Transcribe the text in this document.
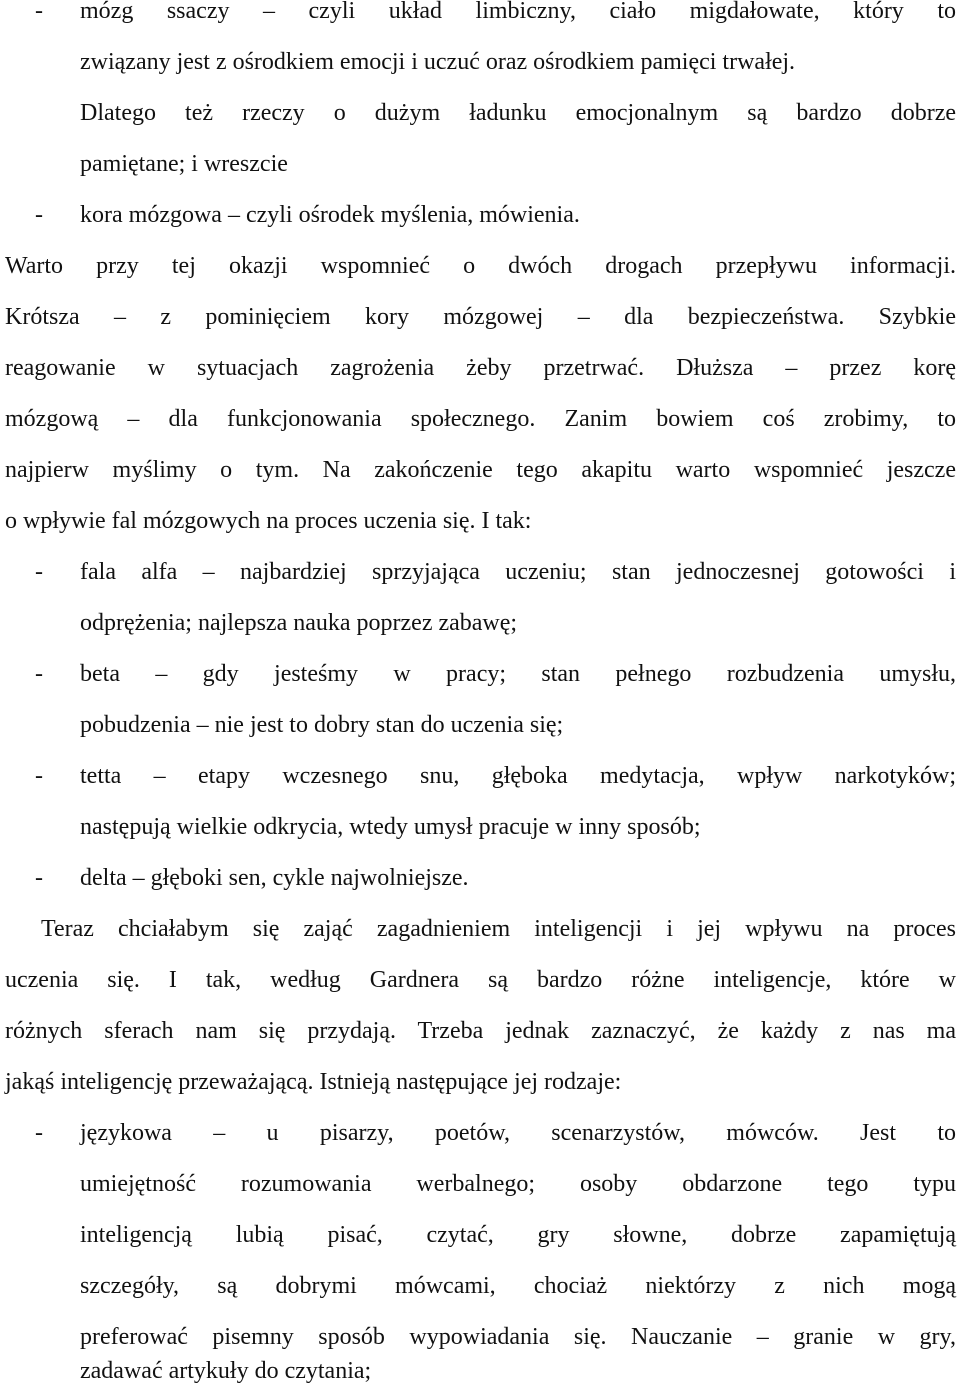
-	mózg ssaczy – czyli układ limbiczny, ciało migdałowate, który to
związany jest z ośrodkiem emocji i uczuć oraz ośrodkiem pamięci trwałej.
Dlatego też rzeczy o dużym ładunku emocjonalnym są bardzo dobrze
pamiętane; i wreszcie
-	kora mózgowa – czyli ośrodek myślenia, mówienia.
Warto przy tej okazji wspomnieć o dwóch drogach przepływu informacji.
Krótsza – z pominięciem kory mózgowej – dla bezpieczeństwa. Szybkie
reagowanie w sytuacjach zagrożenia żeby przetrwać. Dłuższa – przez korę
mózgową – dla funkcjonowania społecznego. Zanim bowiem coś zrobimy, to
najpierw myślimy o tym. Na zakończenie tego akapitu warto wspomnieć jeszcze
o wpływie fal mózgowych na proces uczenia się. I tak:
-	fala alfa – najbardziej sprzyjająca uczeniu; stan jednoczesnej gotowości i
odprężenia; najlepsza nauka poprzez zabawę;
-	beta – gdy jesteśmy w pracy; stan pełnego rozbudzenia umysłu,
pobudzenia – nie jest to dobry stan do uczenia się;
-	tetta – etapy wczesnego snu, głęboka medytacja, wpływ narkotyków;
następują wielkie odkrycia, wtedy umysł pracuje w inny sposób;
-	delta – głęboki sen, cykle najwolniejsze.
Teraz chciałabym się zająć zagadnieniem inteligencji i jej wpływu na proces
uczenia się. I tak, według Gardnera są bardzo różne inteligencje, które w
różnych sferach nam się przydają. Trzeba jednak zaznaczyć, że każdy z nas ma
jakąś inteligencję przeważającą. Istnieją następujące jej rodzaje:
-	językowa – u pisarzy, poetów, scenarzystów, mówców. Jest to
umiejętność rozumowania werbalnego; osoby obdarzone tego typu
inteligencją lubią pisać, czytać, gry słowne, dobrze zapamiętują
szczegóły, są dobrymi mówcami, chociaż niektórzy z nich mogą
preferować pisemny sposób wypowiadania się. Nauczanie – granie w gry,
zadawać artykuły do czytania;
